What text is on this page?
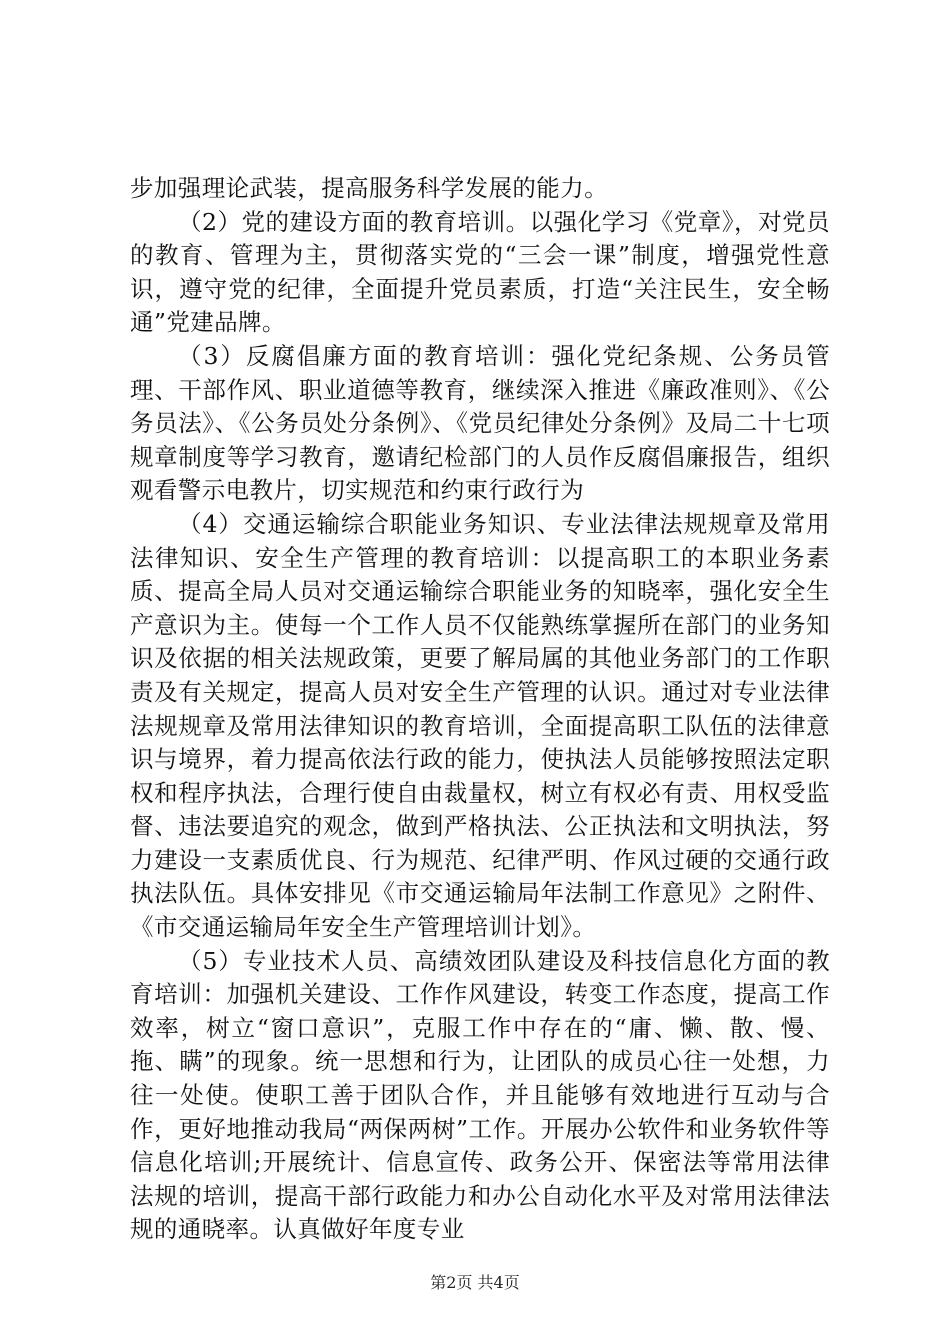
步加强理论武装，提高服务科学发展的能力。

（2）党的建设方面的教育培训。以强化学习《党章》，对党员的教育、管理为主，贯彻落实党的“三会一课”制度，增强党性意识，遵守党的纪律，全面提升党员素质，打造“关注民生，安全畅通”党建品牌。

（3）反腐倡廉方面的教育培训：强化党纪条规、公务员管理、干部作风、职业道德等教育，继续深入推进《廉政准则》、《公务员法》、《公务员处分条例》、《党员纪律处分条例》及局二十七项规章制度等学习教育，邀请纪检部门的人员作反腐倡廉报告，组织观看警示电教片，切实规范和约束行政行为

（4）交通运输综合职能业务知识、专业法律法规规章及常用法律知识、安全生产管理的教育培训：以提高职工的本职业务素质、提高全局人员对交通运输综合职能业务的知晓率，强化安全生产意识为主。使每一个工作人员不仅能熟练掌握所在部门的业务知识及依据的相关法规政策，更要了解局属的其他业务部门的工作职责及有关规定，提高人员对安全生产管理的认识。通过对专业法律法规规章及常用法律知识的教育培训，全面提高职工队伍的法律意识与境界，着力提高依法行政的能力，使执法人员能够按照法定职权和程序执法，合理行使自由裁量权，树立有权必有责、用权受监督、违法要追究的观念，做到严格执法、公正执法和文明执法，努力建设一支素质优良、行为规范、纪律严明、作风过硬的交通行政执法队伍。具体安排见《市交通运输局年法制工作意见》之附件、《市交通运输局年安全生产管理培训计划》。

（5）专业技术人员、高绩效团队建设及科技信息化方面的教育培训：加强机关建设、工作作风建设，转变工作态度，提高工作效率，树立“窗口意识”，克服工作中存在的“庸、懒、散、慢、拖、瞒”的现象。统一思想和行为，让团队的成员心往一处想，力往一处使。使职工善于团队合作，并且能够有效地进行互动与合作，更好地推动我局“两保两树”工作。开展办公软件和业务软件等信息化培训;开展统计、信息宣传、政务公开、保密法等常用法律法规的培训，提高干部行政能力和办公自动化水平及对常用法律法规的通晓率。认真做好年度专业

第2页 共4页
